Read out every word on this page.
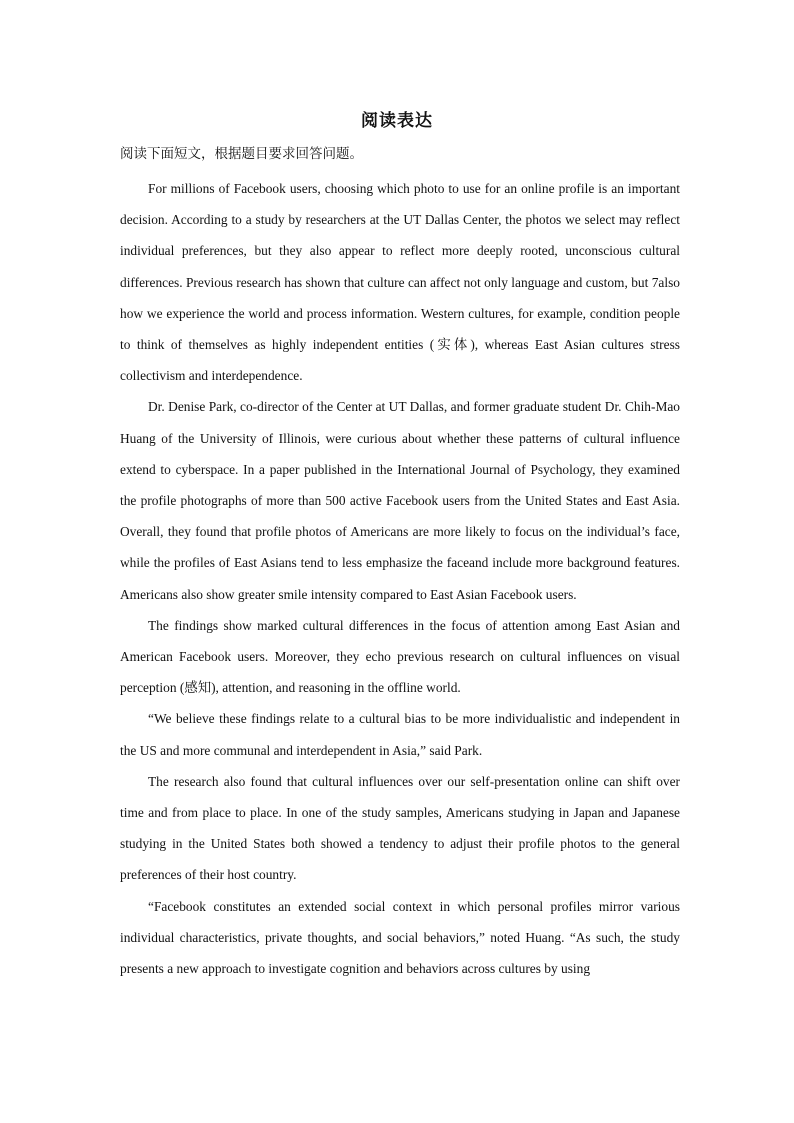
阅读表达
阅读下面短文，根据题目要求回答问题。

For millions of Facebook users, choosing which photo to use for an online profile is an important decision. According to a study by researchers at the UT Dallas Center, the photos we select may reflect individual preferences, but they also appear to reflect more deeply rooted, unconscious cultural differences. Previous research has shown that culture can affect not only language and custom, but 7also how we experience the world and process information. Western cultures, for example, condition people to think of themselves as highly independent entities (实体), whereas East Asian cultures stress collectivism and interdependence.

Dr. Denise Park, co-director of the Center at UT Dallas, and former graduate student Dr. Chih-Mao Huang of the University of Illinois, were curious about whether these patterns of cultural influence extend to cyberspace. In a paper published in the International Journal of Psychology, they examined the profile photographs of more than 500 active Facebook users from the United States and East Asia. Overall, they found that profile photos of Americans are more likely to focus on the individual’s face, while the profiles of East Asians tend to less emphasize the faceand include more background features. Americans also show greater smile intensity compared to East Asian Facebook users.

The findings show marked cultural differences in the focus of attention among East Asian and American Facebook users. Moreover, they echo previous research on cultural influences on visual perception (感知), attention, and reasoning in the offline world.

“We believe these findings relate to a cultural bias to be more individualistic and independent in the US and more communal and interdependent in Asia,” said Park.

The research also found that cultural influences over our self-presentation online can shift over time and from place to place. In one of the study samples, Americans studying in Japan and Japanese studying in the United States both showed a tendency to adjust their profile photos to the general preferences of their host country.

“Facebook constitutes an extended social context in which personal profiles mirror various individual characteristics, private thoughts, and social behaviors,” noted Huang. “As such, the study presents a new approach to investigate cognition and behaviors across cultures by using
